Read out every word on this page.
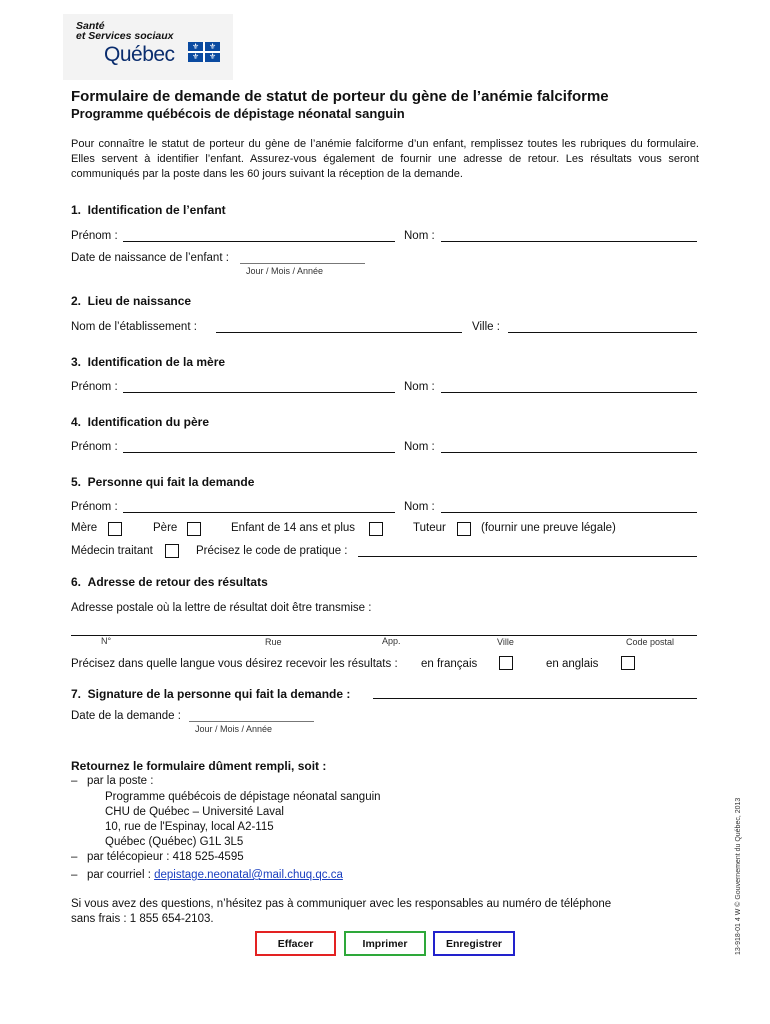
Santé
et Services sociaux
Québec ⚜ ⚜
⚜ ⚜
Formulaire de demande de statut de porteur du gène de l’anémie falciforme
Programme québécois de dépistage néonatal sanguin
Pour connaître le statut de porteur du gène de l’anémie falciforme d’un enfant, remplissez toutes les rubriques du formulaire. Elles servent à identifier l’enfant. Assurez-vous également de fournir une adresse de retour. Les résultats vous seront communiqués par la poste dans les 60 jours suivant la réception de la demande.
1.  Identification de l’enfant
Prénom :	Nom :
Date de naissance de l’enfant :
Jour / Mois / Année
2.  Lieu de naissance
Nom de l’établissement :	Ville :
3.  Identification de la mère
Prénom :	Nom :
4.  Identification du père
Prénom :	Nom :
5.  Personne qui fait la demande
Prénom :	Nom :
Mère	Père	Enfant de 14 ans et plus	Tuteur	(fournir une preuve légale)
Médecin traitant	Précisez le code de pratique :
6.  Adresse de retour des résultats
Adresse postale où la lettre de résultat doit être transmise :
N°	Rue	App.	Ville	Code postal
Précisez dans quelle langue vous désirez recevoir les résultats : en français	en anglais
7.  Signature de la personne qui fait la demande :
Date de la demande :
Jour / Mois / Année
Retournez le formulaire dûment rempli, soit :
–   par la poste :
Programme québécois de dépistage néonatal sanguin
CHU de Québec – Université Laval
10, rue de l'Espinay, local A2-115
Québec (Québec) G1L 3L5
–   par télécopieur : 418 525-4595
–   par courriel : depistage.neonatal@mail.chuq.qc.ca
Si vous avez des questions, n’hésitez pas à communiquer avec les responsables au numéro de téléphone
sans frais : 1 855 654-2103.	13-918-01 4 W © Gouvernement du Québec, 2013
Effacer	Imprimer	Enregistrer
